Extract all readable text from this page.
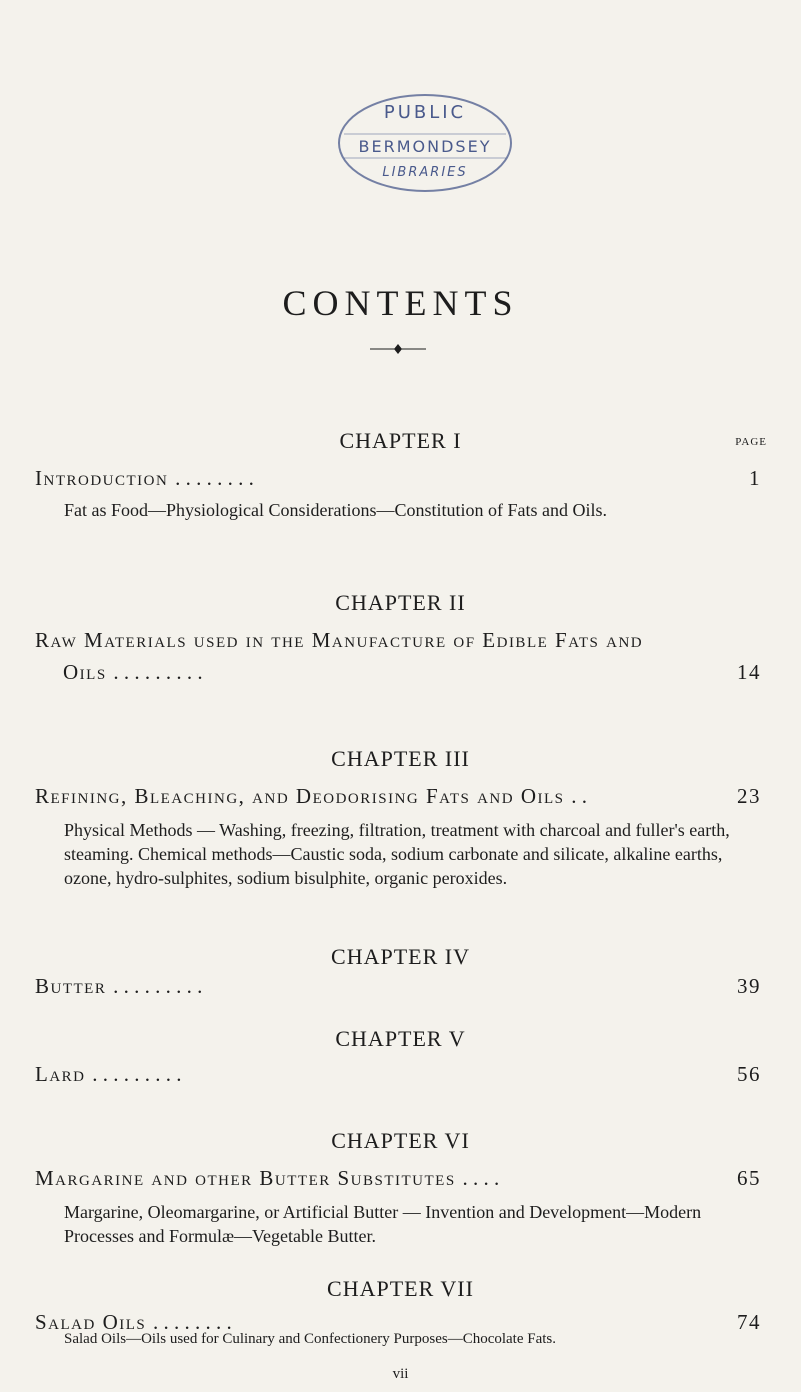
PUBLIC
BERMONDSEY
LIBRARIES
CONTENTS
CHAPTER I	PAGE
Introduction . . . . . . . .	1
Fat as Food—Physiological Considerations—Constitution of Fats and Oils.
CHAPTER II
Raw Materials used in the Manufacture of Edible Fats and
Oils . . . . . . . . .	14
CHAPTER III
Refining, Bleaching, and Deodorising Fats and Oils . .	23
Physical Methods — Washing, freezing, filtration, treatment with charcoal and fuller's earth, steaming. Chemical methods—Caustic soda, sodium carbonate and silicate, alkaline earths, ozone, hydro-sulphites, sodium bisulphite, organic peroxides.
CHAPTER IV
Butter . . . . . . . . .	39
CHAPTER V
Lard . . . . . . . . .	56
CHAPTER VI
Margarine and other Butter Substitutes . . . .	65
Margarine, Oleomargarine, or Artificial Butter — Invention and Development—Modern Processes and Formulæ—Vegetable Butter.
CHAPTER VII
Salad Oils . . . . . . . .	74
Salad Oils—Oils used for Culinary and Confectionery Purposes—Chocolate Fats.
vii
